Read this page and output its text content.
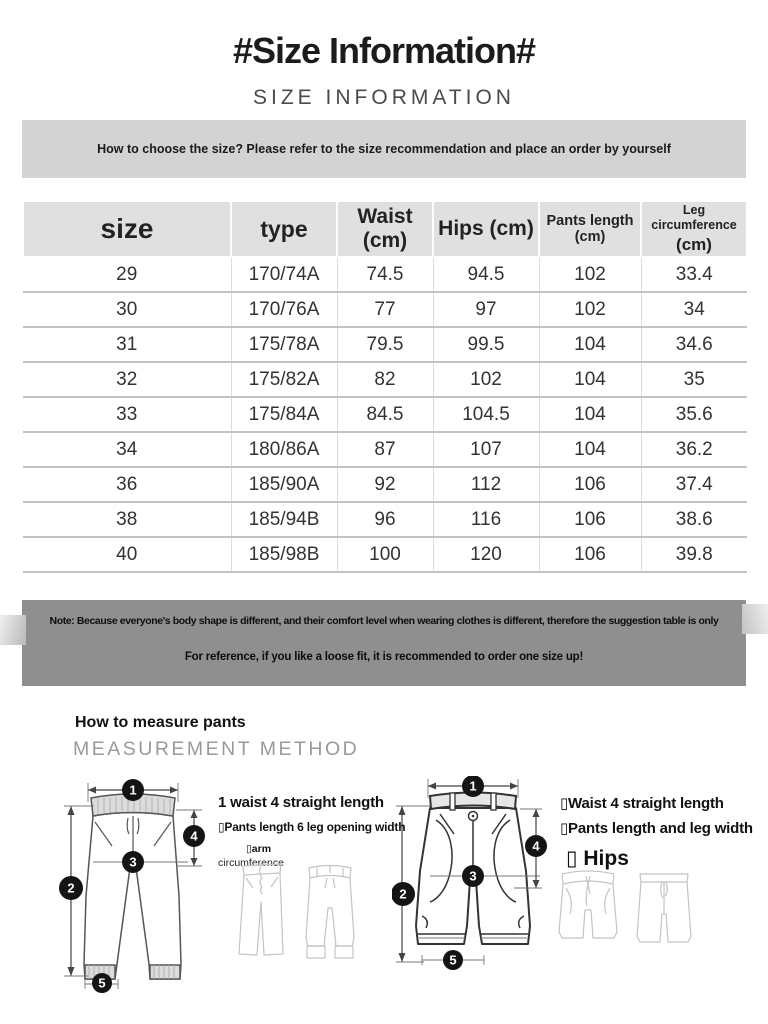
#Size Information#
SIZE INFORMATION
How to choose the size? Please refer to the size recommendation and place an order by yourself
size	type	Waist (cm)	Hips (cm)	Pants length (cm)	Leg circumference
(cm)

29	170/74A	74.5	94.5	102	33.4
30	170/76A	77	97	102	34
31	175/78A	79.5	99.5	104	34.6
32	175/82A	82	102	104	35
33	175/84A	84.5	104.5	104	35.6
34	180/86A	87	107	104	36.2
36	185/90A	92	112	106	37.4
38	185/94B	96	116	106	38.6
40	185/98B	100	120	106	39.8
Note: Because everyone's body shape is different, and their comfort level when wearing clothes is different, therefore the suggestion table is only
For reference, if you like a loose fit, it is recommended to order one size up!
How to measure pants
MEASUREMENT METHOD
1
2
3
4
5
1
2
3
4
5
1 waist 4 straight length
▯Pants length 6 leg opening width
▯arm
circumference
▯Waist 4 straight length
▯Pants length and leg width
▯ Hips
